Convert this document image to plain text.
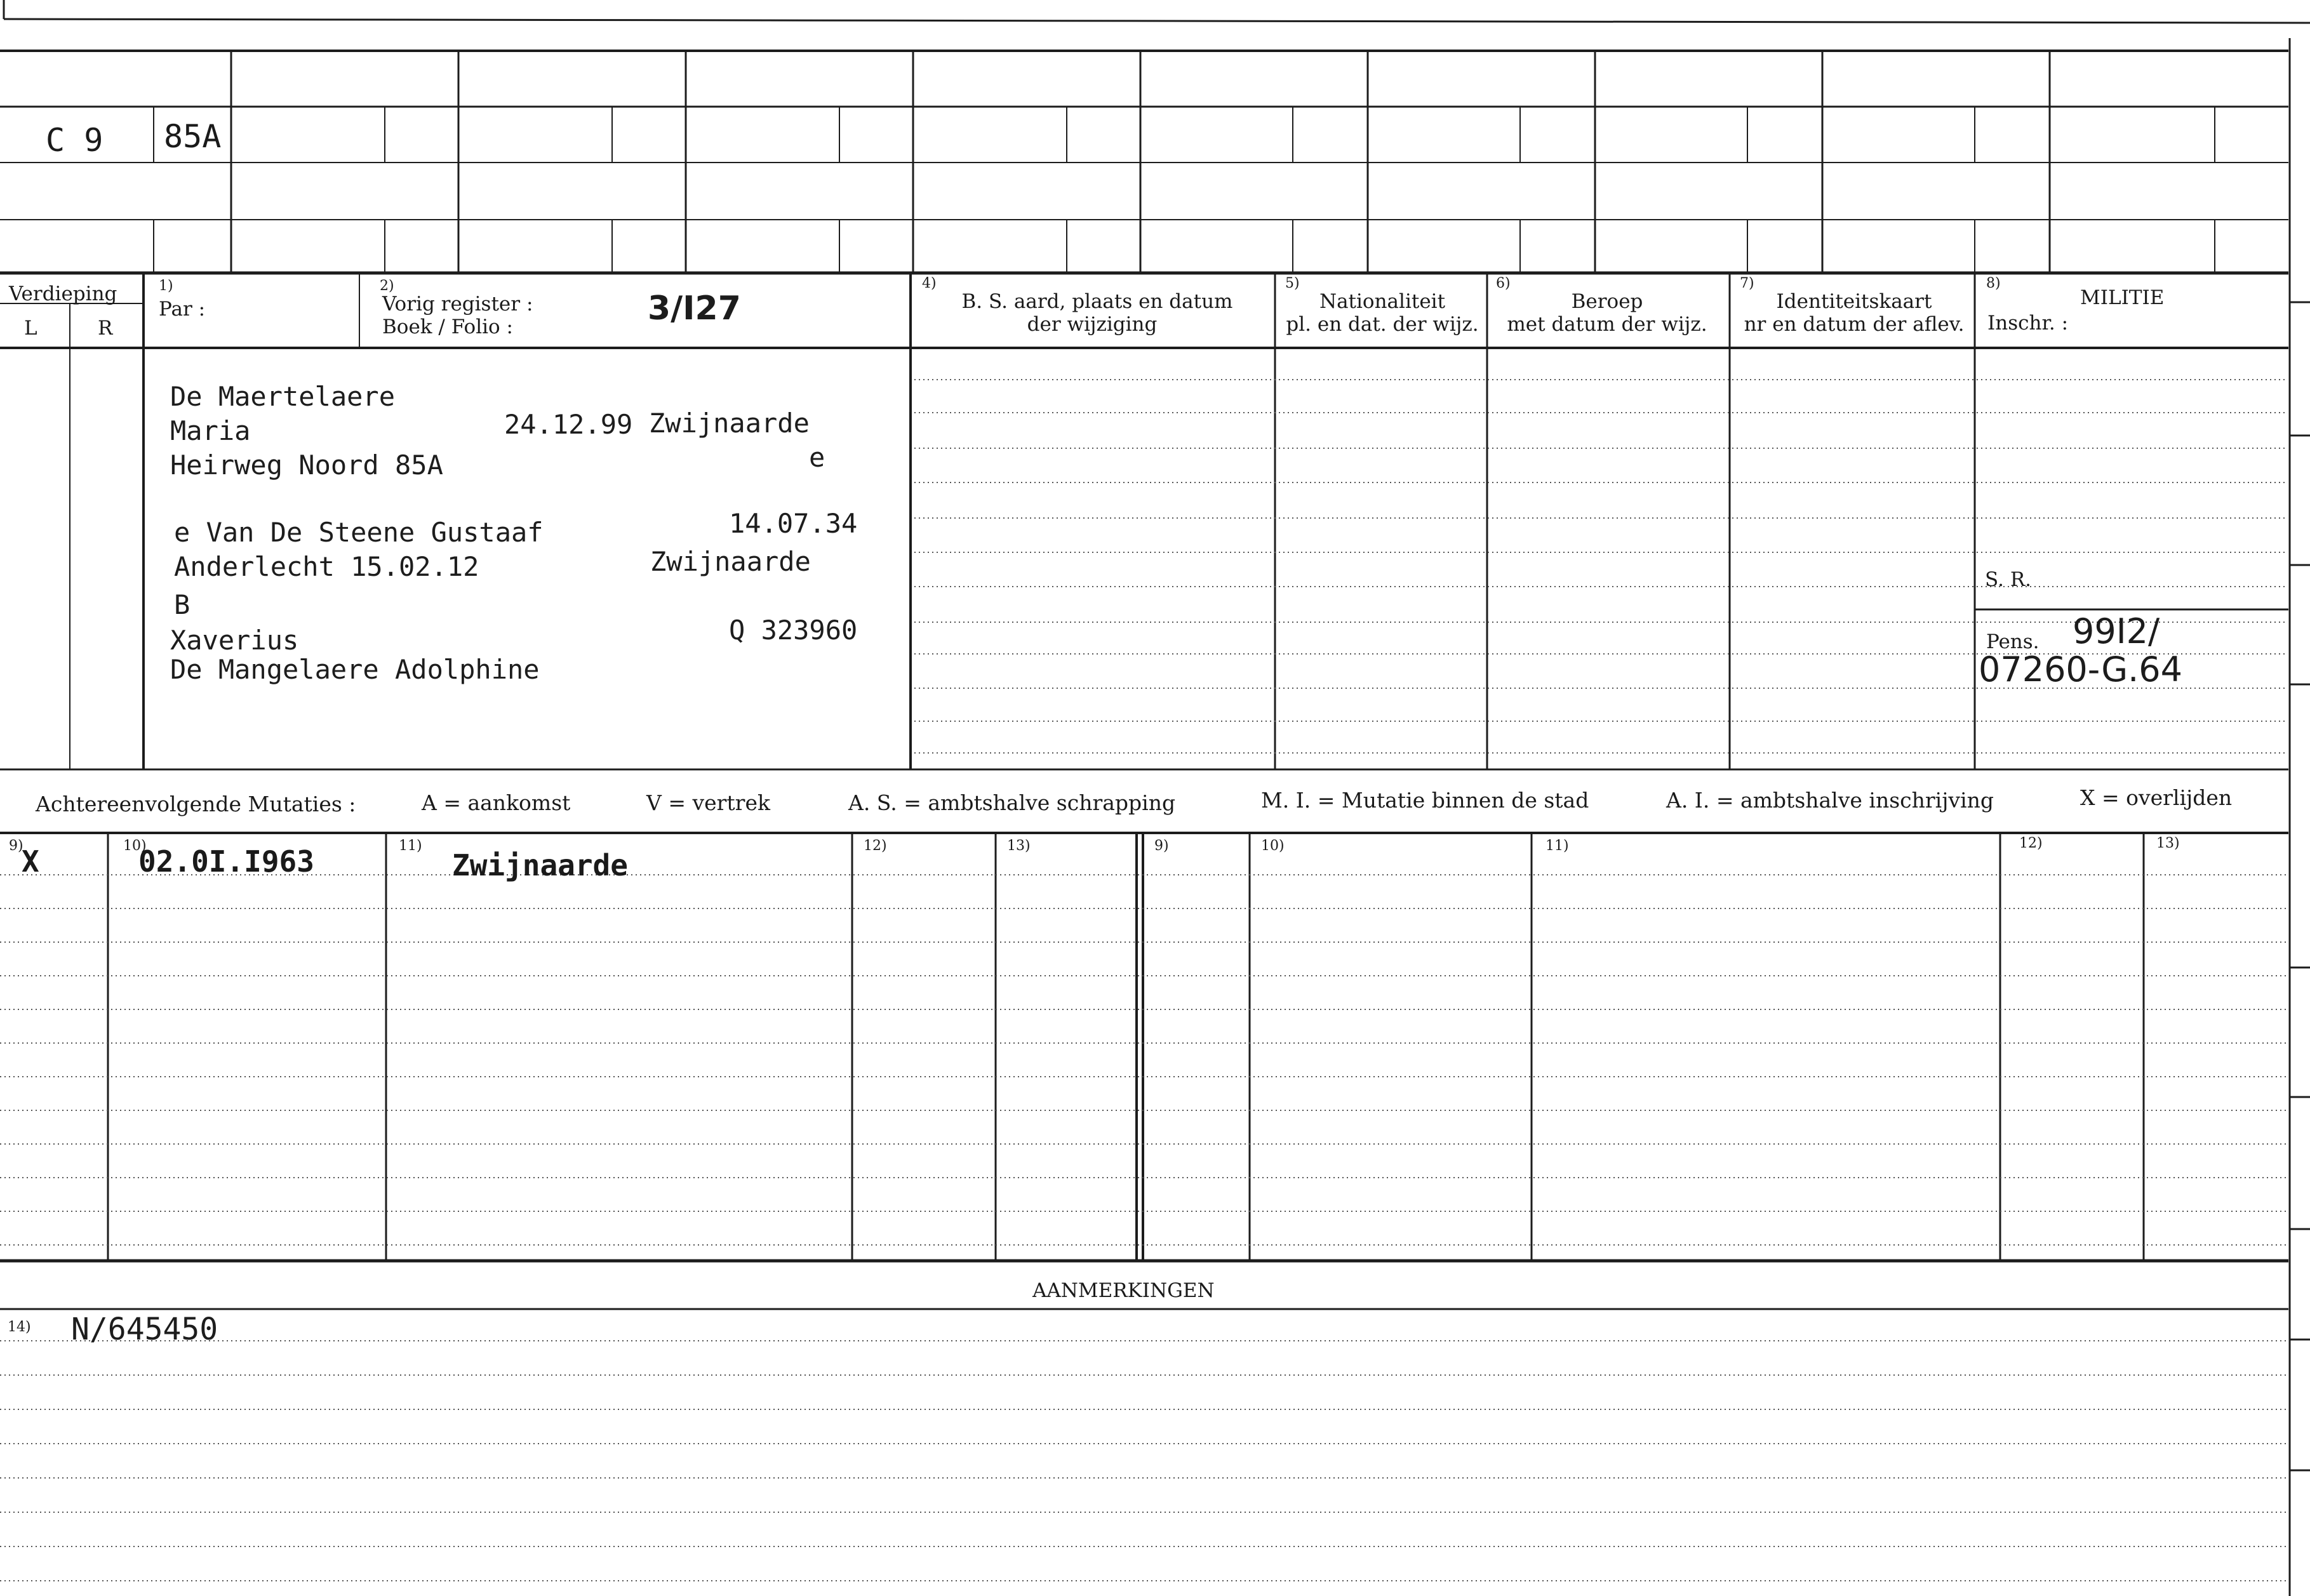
C 9 85A
Verdieping
L	R
1)
Par :
2)
Vorig register :
Boek / Folio :	3/I27
4)
B. S. aard, plaats en datum
der wijziging
5)
Nationaliteit
pl. en dat. der wijz.
6)
Beroep
met datum der wijz.
7)
Identiteitskaart
nr en datum der aflev.
8)
MILITIE
Inschr. :
De Maertelaere
Maria	24.12.99 Zwijnaarde
Heirweg Noord 85A	e
e Van De Steene Gustaaf	14.07.34
Anderlecht 15.02.12	Zwijnaarde
B
Xaverius	Q 323960
De Mangelaere Adolphine
S. R.
Pens. 99I2/
07260-G.64
Achtereenvolgende Mutaties :	A = aankomst	V = vertrek	A. S. = ambtshalve schrapping	M. I. = Mutatie binnen de stad	A. I. = ambtshalve inschrijving	X = overlijden
9)	10)	11)	12)	13)	9)	10)	11)	12)	13)
X	02.0I.I963	Zwijnaarde
AANMERKINGEN
14) N/645450
